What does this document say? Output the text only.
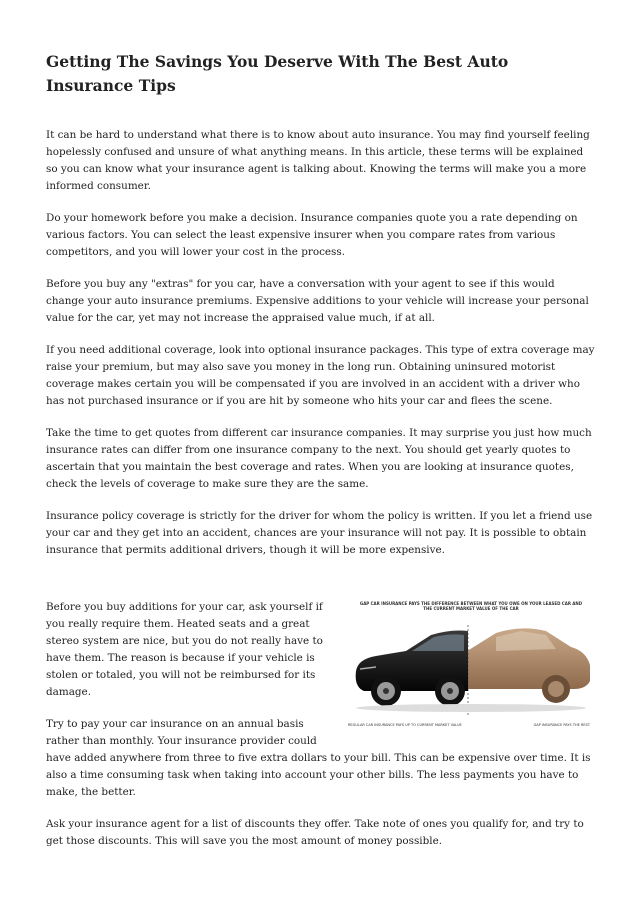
Getting The Savings You Deserve With The Best Auto Insurance Tips

It can be hard to understand what there is to know about auto insurance. You may find yourself feeling hopelessly confused and unsure of what anything means. In this article, these terms will be explained so you can know what your insurance agent is talking about. Knowing the terms will make you a more informed consumer.

Do your homework before you make a decision. Insurance companies quote you a rate depending on various factors. You can select the least expensive insurer when you compare rates from various competitors, and you will lower your cost in the process.

Before you buy any "extras" for you car, have a conversation with your agent to see if this would change your auto insurance premiums. Expensive additions to your vehicle will increase your personal value for the car, yet may not increase the appraised value much, if at all.

If you need additional coverage, look into optional insurance packages. This type of extra coverage may raise your premium, but may also save you money in the long run. Obtaining uninsured motorist coverage makes certain you will be compensated if you are involved in an accident with a driver who has not purchased insurance or if you are hit by someone who hits your car and flees the scene.

Take the time to get quotes from different car insurance companies. It may surprise you just how much insurance rates can differ from one insurance company to the next. You should get yearly quotes to ascertain that you maintain the best coverage and rates. When you are looking at insurance quotes, check the levels of coverage to make sure they are the same.

Insurance policy coverage is strictly for the driver for whom the policy is written. If you let a friend use your car and they get into an accident, chances are your insurance will not pay. It is possible to obtain insurance that permits additional drivers, though it will be more expensive.

GAP CAR INSURANCE PAYS THE DIFFERENCE BETWEEN WHAT YOU OWE ON YOUR LEASED CAR AND THE CURRENT MARKET VALUE OF THE CAR
REGULAR CAR INSURANCE PAYS UP TO CURRENT MARKET VALUE	GAP INSURANCE PAYS THE REST

Before you buy additions for your car, ask yourself if you really require them. Heated seats and a great stereo system are nice, but you do not really have to have them. The reason is because if your vehicle is stolen or totaled, you will not be reimbursed for its damage.

Try to pay your car insurance on an annual basis rather than monthly. Your insurance provider could have added anywhere from three to five extra dollars to your bill. This can be expensive over time. It is also a time consuming task when taking into account your other bills. The less payments you have to make, the better.

Ask your insurance agent for a list of discounts they offer. Take note of ones you qualify for, and try to get those discounts. This will save you the most amount of money possible.
